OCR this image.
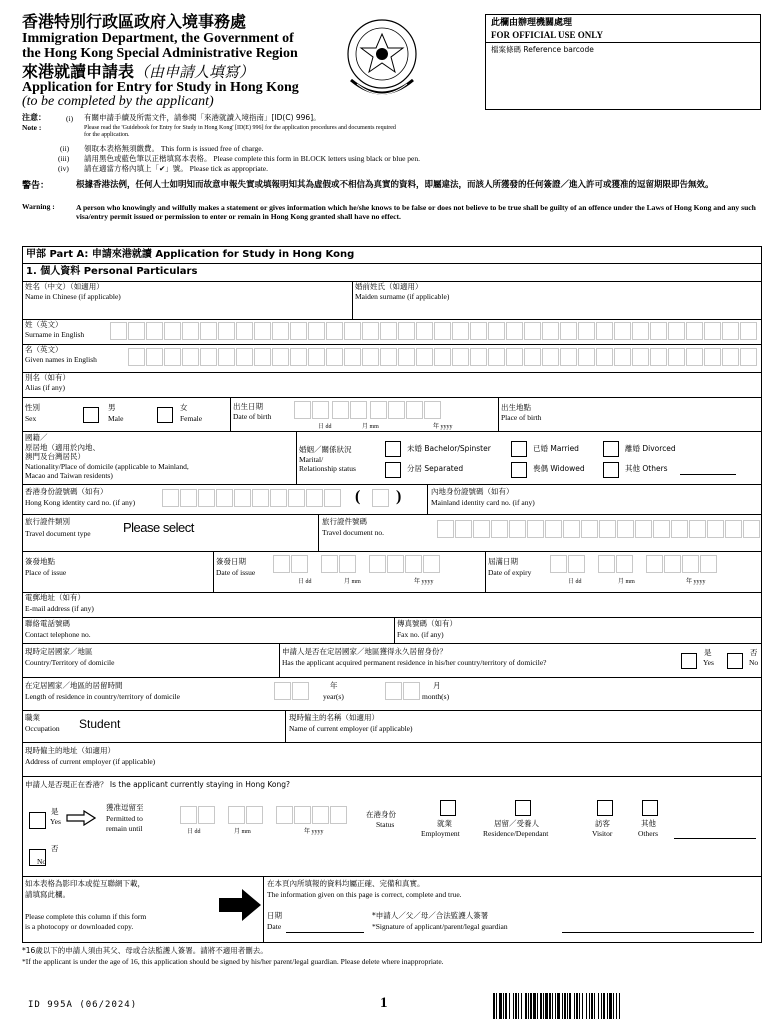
香港特別行政區政府入境事務處
Immigration Department, the Government of
the Hong Kong Special Administrative Region
來港就讀申請表（由申請人填寫）
Application for Entry for Study in Hong Kong
(to be completed by the applicant)
此欄由辦理機關處理
FOR OFFICIAL USE ONLY
檔案條碼 Reference barcode
注意：
Note :
(i) 有關申請手續及所需文件，請參閱「來港就讀入境指南」[ID(C) 996]。
Please read the 'Guidebook for Entry for Study in Hong Kong' [ID(E) 996] for the application procedures and documents required for the application.
(ii) 領取本表格無須繳費。 This form is issued free of charge.
(iii) 請用黑色或藍色筆以正楷填寫本表格。 Please complete this form in BLOCK letters using black or blue pen.
(iv) 請在適當方格內填上「✔」號。 Please tick as appropriate.
警告：	根據香港法例，任何人士如明知而故意申報失實或填報明知其為虛假或不相信為真實的資料，即屬違法，而該人所獲發的任何簽證／進入許可或獲准的逗留期限即告無效。
Warning :	A person who knowingly and wilfully makes a statement or gives information which he/she knows to be false or does not believe to be true shall be guilty of an offence under the Laws of Hong Kong and any such visa/entry permit issued or permission to enter or remain in Hong Kong granted shall have no effect.
甲部 Part A: 申請來港就讀 Application for Study in Hong Kong
1. 個人資料 Personal Particulars
姓名（中文）（如適用）
Name in Chinese (if applicable)
婚前姓氏（如適用）
Maiden surname (if applicable)
姓（英文）
Surname in English
名（英文）
Given names in English
別名（如有）
Alias (if any)
性別
Sex
男
Male
女
Female
出生日期
Date of birth
日 dd	月 mm	年 yyyy
出生地點
Place of birth
國籍／
原居地（適用於內地、
澳門及台灣居民）
Nationality/Place of domicile (applicable to Mainland,
Macao and Taiwan residents)
婚姻／關係狀況
Marital/
Relationship status
未婚 Bachelor/Spinster	已婚 Married	離婚 Divorced
分居 Separated	喪偶 Widowed	其他 Others
香港身份證號碼（如有）
Hong Kong identity card no. (if any)	( )	內地身份證號碼（如有）
Mainland identity card no. (if any)
旅行證件類別
Travel document type Please select	旅行證件號碼
Travel document no.
簽發地點
Place of issue
簽發日期
Date of issue
日 dd	月 mm	年 yyyy
屆滿日期
Date of expiry
日 dd	月 mm	年 yyyy
電郵地址（如有）
E-mail address (if any)
聯絡電話號碼
Contact telephone no.
傳真號碼（如有）
Fax no. (if any)
現時定居國家／地區
Country/Territory of domicile
申請人是否在定居國家／地區獲得永久居留身份？
Has the applicant acquired permanent residence in his/her country/territory of domicile?
是
Yes
否
No
在定居國家／地區的居留時間
Length of residence in country/territory of domicile
年
year(s)
月
month(s)
職業
Occupation Student	現時僱主的名稱（如適用）
Name of current employer (if applicable)
現時僱主的地址（如適用）
Address of current employer (if applicable)
申請人是否現正在香港？ Is the applicant currently staying in Hong Kong?
是
Yes
獲准逗留至
Permitted to
remain until	日 dd	月 mm	年 yyyy
在港身份
Status	就業
Employment
居留／受養人
Residence/Dependant
訪客
Visitor
其他
Others
否
No
如本表格為影印本或從互聯網下載，
請填寫此欄。
Please complete this column if this form
is a photocopy or downloaded copy.
在本頁內所填報的資料均屬正確、完備和真實。
The information given on this page is correct, complete and true.
日期
Date
*申請人／父／母／合法監護人簽署
*Signature of applicant/parent/legal guardian
*16歲以下的申請人須由其父、母或合法監護人簽署。請將不適用者刪去。
*If the applicant is under the age of 16, this application should be signed by his/her parent/legal guardian. Please delete where inappropriate.
ID 995A (06/2024)	1
